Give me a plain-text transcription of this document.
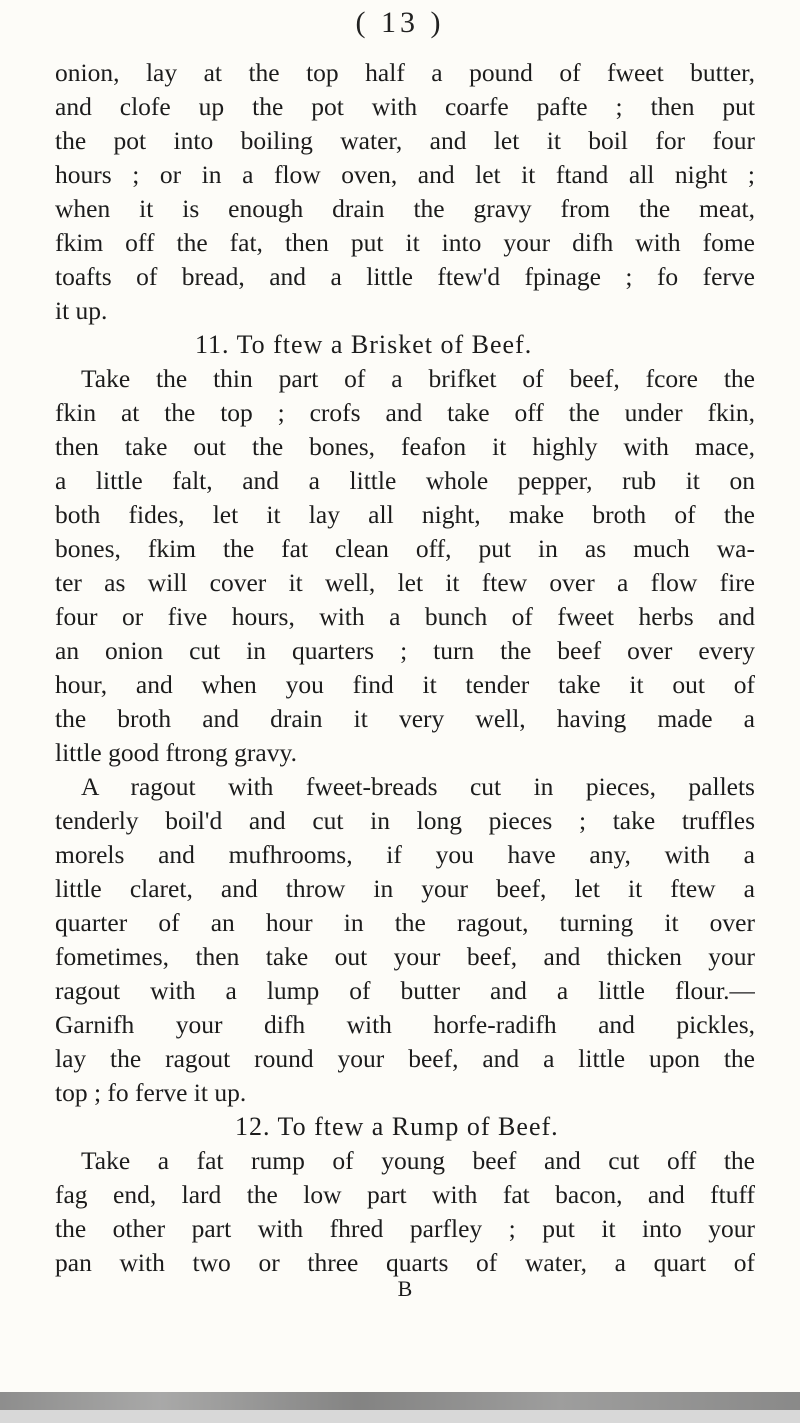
( 13 )
onion, lay at the top half a pound of fweet butter,
and clofe up the pot with coarfe pafte ; then put
the pot into boiling water, and let it boil for four
hours ; or in a flow oven, and let it ftand all night ;
when it is enough drain the gravy from the meat,
fkim off the fat, then put it into your difh with fome
toafts of bread, and a little ftew'd fpinage ; fo ferve
it up.
11. To ftew a Brisket of Beef.
Take the thin part of a brifket of beef, fcore the
fkin at the top ; crofs and take off the under fkin,
then take out the bones, feafon it highly with mace,
a little falt, and a little whole pepper, rub it on
both fides, let it lay all night, make broth of the
bones, fkim the fat clean off, put in as much wa-
ter as will cover it well, let it ftew over a flow fire
four or five hours, with a bunch of fweet herbs and
an onion cut in quarters ; turn the beef over every
hour, and when you find it tender take it out of
the broth and drain it very well, having made a
little good ftrong gravy.
A ragout with fweet-breads cut in pieces, pallets
tenderly boil'd and cut in long pieces ; take truffles
morels and mufhrooms, if you have any, with a
little claret, and throw in your beef, let it ftew a
quarter of an hour in the ragout, turning it over
fometimes, then take out your beef, and thicken your
ragout with a lump of butter and a little flour.—
Garnifh your difh with horfe-radifh and pickles,
lay the ragout round your beef, and a little upon the
top ; fo ferve it up.
12. To ftew a Rump of Beef.
Take a fat rump of young beef and cut off the
fag end, lard the low part with fat bacon, and ftuff
the other part with fhred parfley ; put it into your
pan with two or three quarts of water, a quart of
B
